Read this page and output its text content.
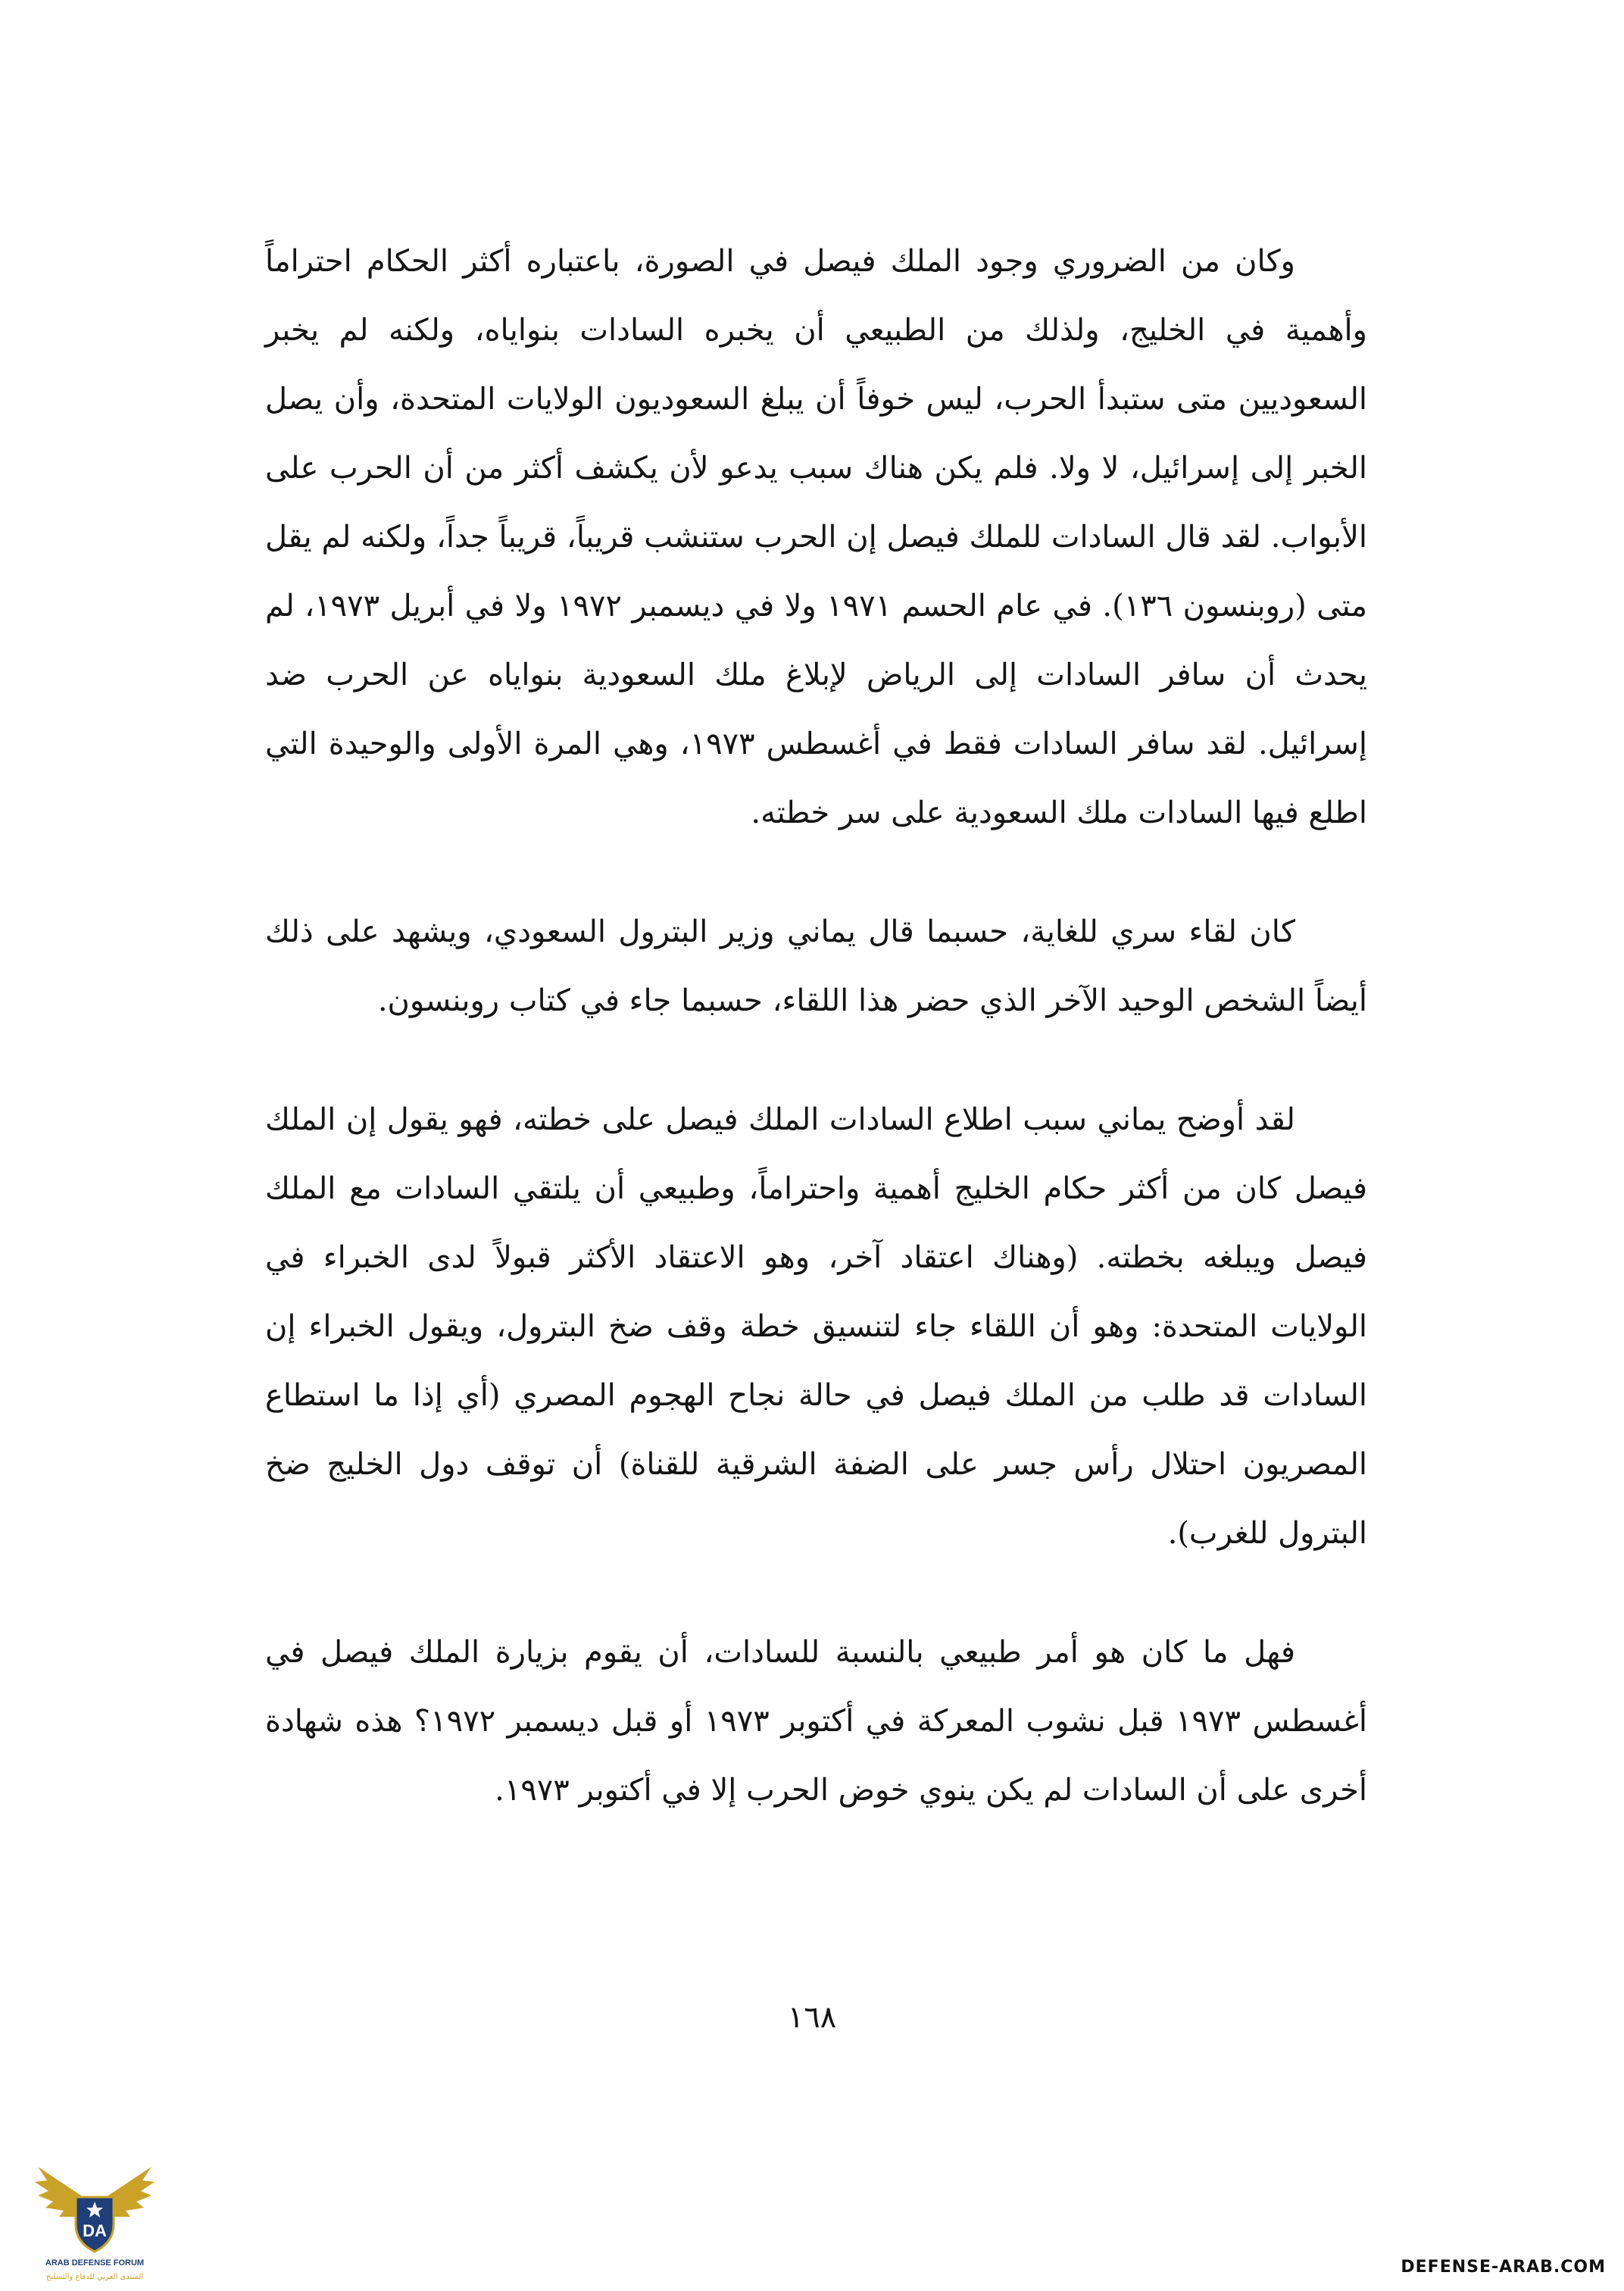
وكان من الضروري وجود الملك فيصل في الصورة، باعتباره أكثر الحكام احتراماً وأهمية في الخليج، ولذلك من الطبيعي أن يخبره السادات بنواياه، ولكنه لم يخبر السعوديين متى ستبدأ الحرب، ليس خوفاً أن يبلغ السعوديون الولايات المتحدة، وأن يصل الخبر إلى إسرائيل، لا ولا. فلم يكن هناك سبب يدعو لأن يكشف أكثر من أن الحرب على الأبواب. لقد قال السادات للملك فيصل إن الحرب ستنشب قريباً، قريباً جداً، ولكنه لم يقل متى (روبنسون ١٣٦). في عام الحسم ١٩٧١ ولا في ديسمبر ١٩٧٢ ولا في أبريل ١٩٧٣، لم يحدث أن سافر السادات إلى الرياض لإبلاغ ملك السعودية بنواياه عن الحرب ضد إسرائيل. لقد سافر السادات فقط في أغسطس ١٩٧٣، وهي المرة الأولى والوحيدة التي اطلع فيها السادات ملك السعودية على سر خطته.

كان لقاء سري للغاية، حسبما قال يماني وزير البترول السعودي، ويشهد على ذلك أيضاً الشخص الوحيد الآخر الذي حضر هذا اللقاء، حسبما جاء في كتاب روبنسون.

لقد أوضح يماني سبب اطلاع السادات الملك فيصل على خطته، فهو يقول إن الملك فيصل كان من أكثر حكام الخليج أهمية واحتراماً، وطبيعي أن يلتقي السادات مع الملك فيصل ويبلغه بخطته. (وهناك اعتقاد آخر، وهو الاعتقاد الأكثر قبولاً لدى الخبراء في الولايات المتحدة: وهو أن اللقاء جاء لتنسيق خطة وقف ضخ البترول، ويقول الخبراء إن السادات قد طلب من الملك فيصل في حالة نجاح الهجوم المصري (أي إذا ما استطاع المصريون احتلال رأس جسر على الضفة الشرقية للقناة) أن توقف دول الخليج ضخ البترول للغرب).

فهل ما كان هو أمر طبيعي بالنسبة للسادات، أن يقوم بزيارة الملك فيصل في أغسطس ١٩٧٣ قبل نشوب المعركة في أكتوبر ١٩٧٣ أو قبل ديسمبر ١٩٧٢؟ هذه شهادة أخرى على أن السادات لم يكن ينوي خوض الحرب إلا في أكتوبر ١٩٧٣.

١٦٨
DA
ARAB DEFENSE FORUM
المنتدى العربي للدفاع والتسليح
DEFENSE-ARAB.COM
